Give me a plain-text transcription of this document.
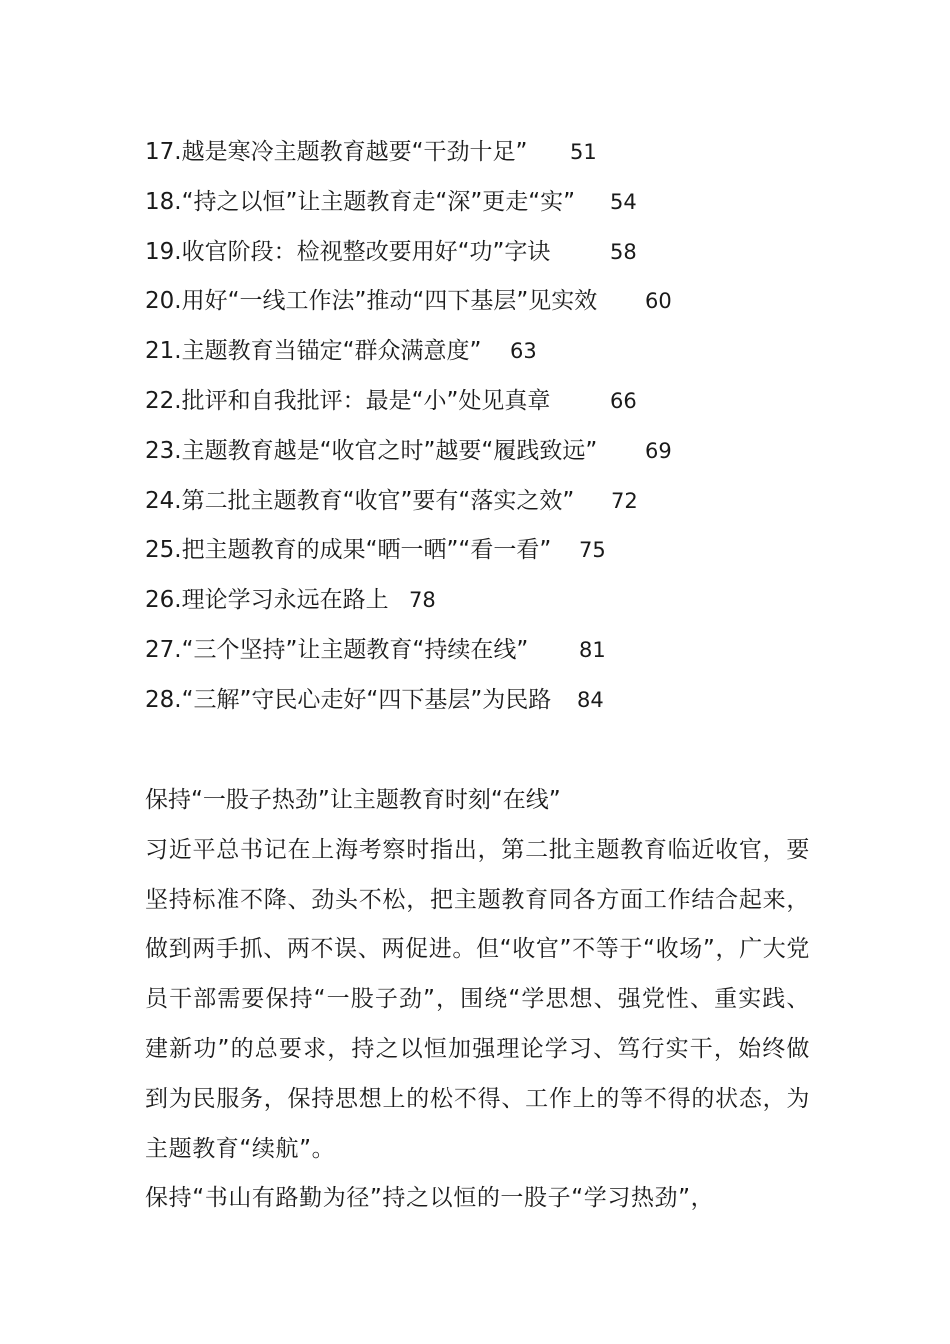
17.越是寒冷主题教育越要“干劲十足”	51
18.“持之以恒”让主题教育走“深”更走“实”	54
19.收官阶段：检视整改要用好“功”字诀	58
20.用好“一线工作法”推动“四下基层”见实效	60
21.主题教育当锚定“群众满意度”	63
22.批评和自我批评：最是“小”处见真章	66
23.主题教育越是“收官之时”越要“履践致远”	69
24.第二批主题教育“收官”要有“落实之效”	72
25.把主题教育的成果“晒一晒”“看一看”	75
26.理论学习永远在路上 78
27.“三个坚持”让主题教育“持续在线”	81
28.“三解”守民心走好“四下基层”为民路	84
保持“一股子热劲”让主题教育时刻“在线”

习近平总书记在上海考察时指出，第二批主题教育临近收官，要坚持标准不降、劲头不松，把主题教育同各方面工作结合起来，做到两手抓、两不误、两促进。但“收官”不等于“收场”，广大党员干部需要保持“一股子劲”，围绕“学思想、强党性、重实践、建新功”的总要求，持之以恒加强理论学习、笃行实干，始终做到为民服务，保持思想上的松不得、工作上的等不得的状态，为主题教育“续航”。

保持“书山有路勤为径”持之以恒的一股子“学习热劲”，
